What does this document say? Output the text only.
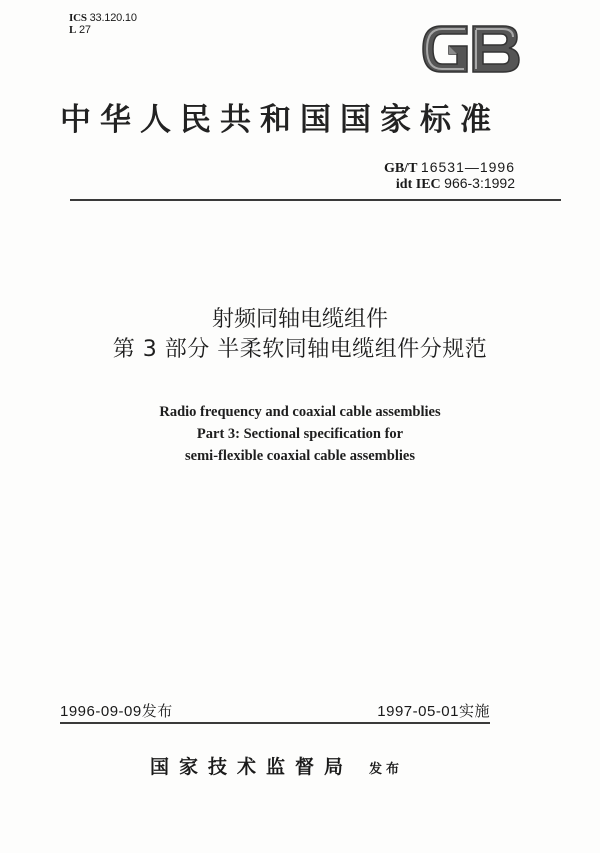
ICS 33.120.10
L 27
中华人民共和国国家标准
GB/T 16531—1996
idt IEC 966-3:1992
射频同轴电缆组件
第 3 部分 半柔软同轴电缆组件分规范
Radio frequency and coaxial cable assemblies
Part 3: Sectional specification for
semi-flexible coaxial cable assemblies
1996-09-09发布	1997-05-01实施
国家技术监督局 发布
